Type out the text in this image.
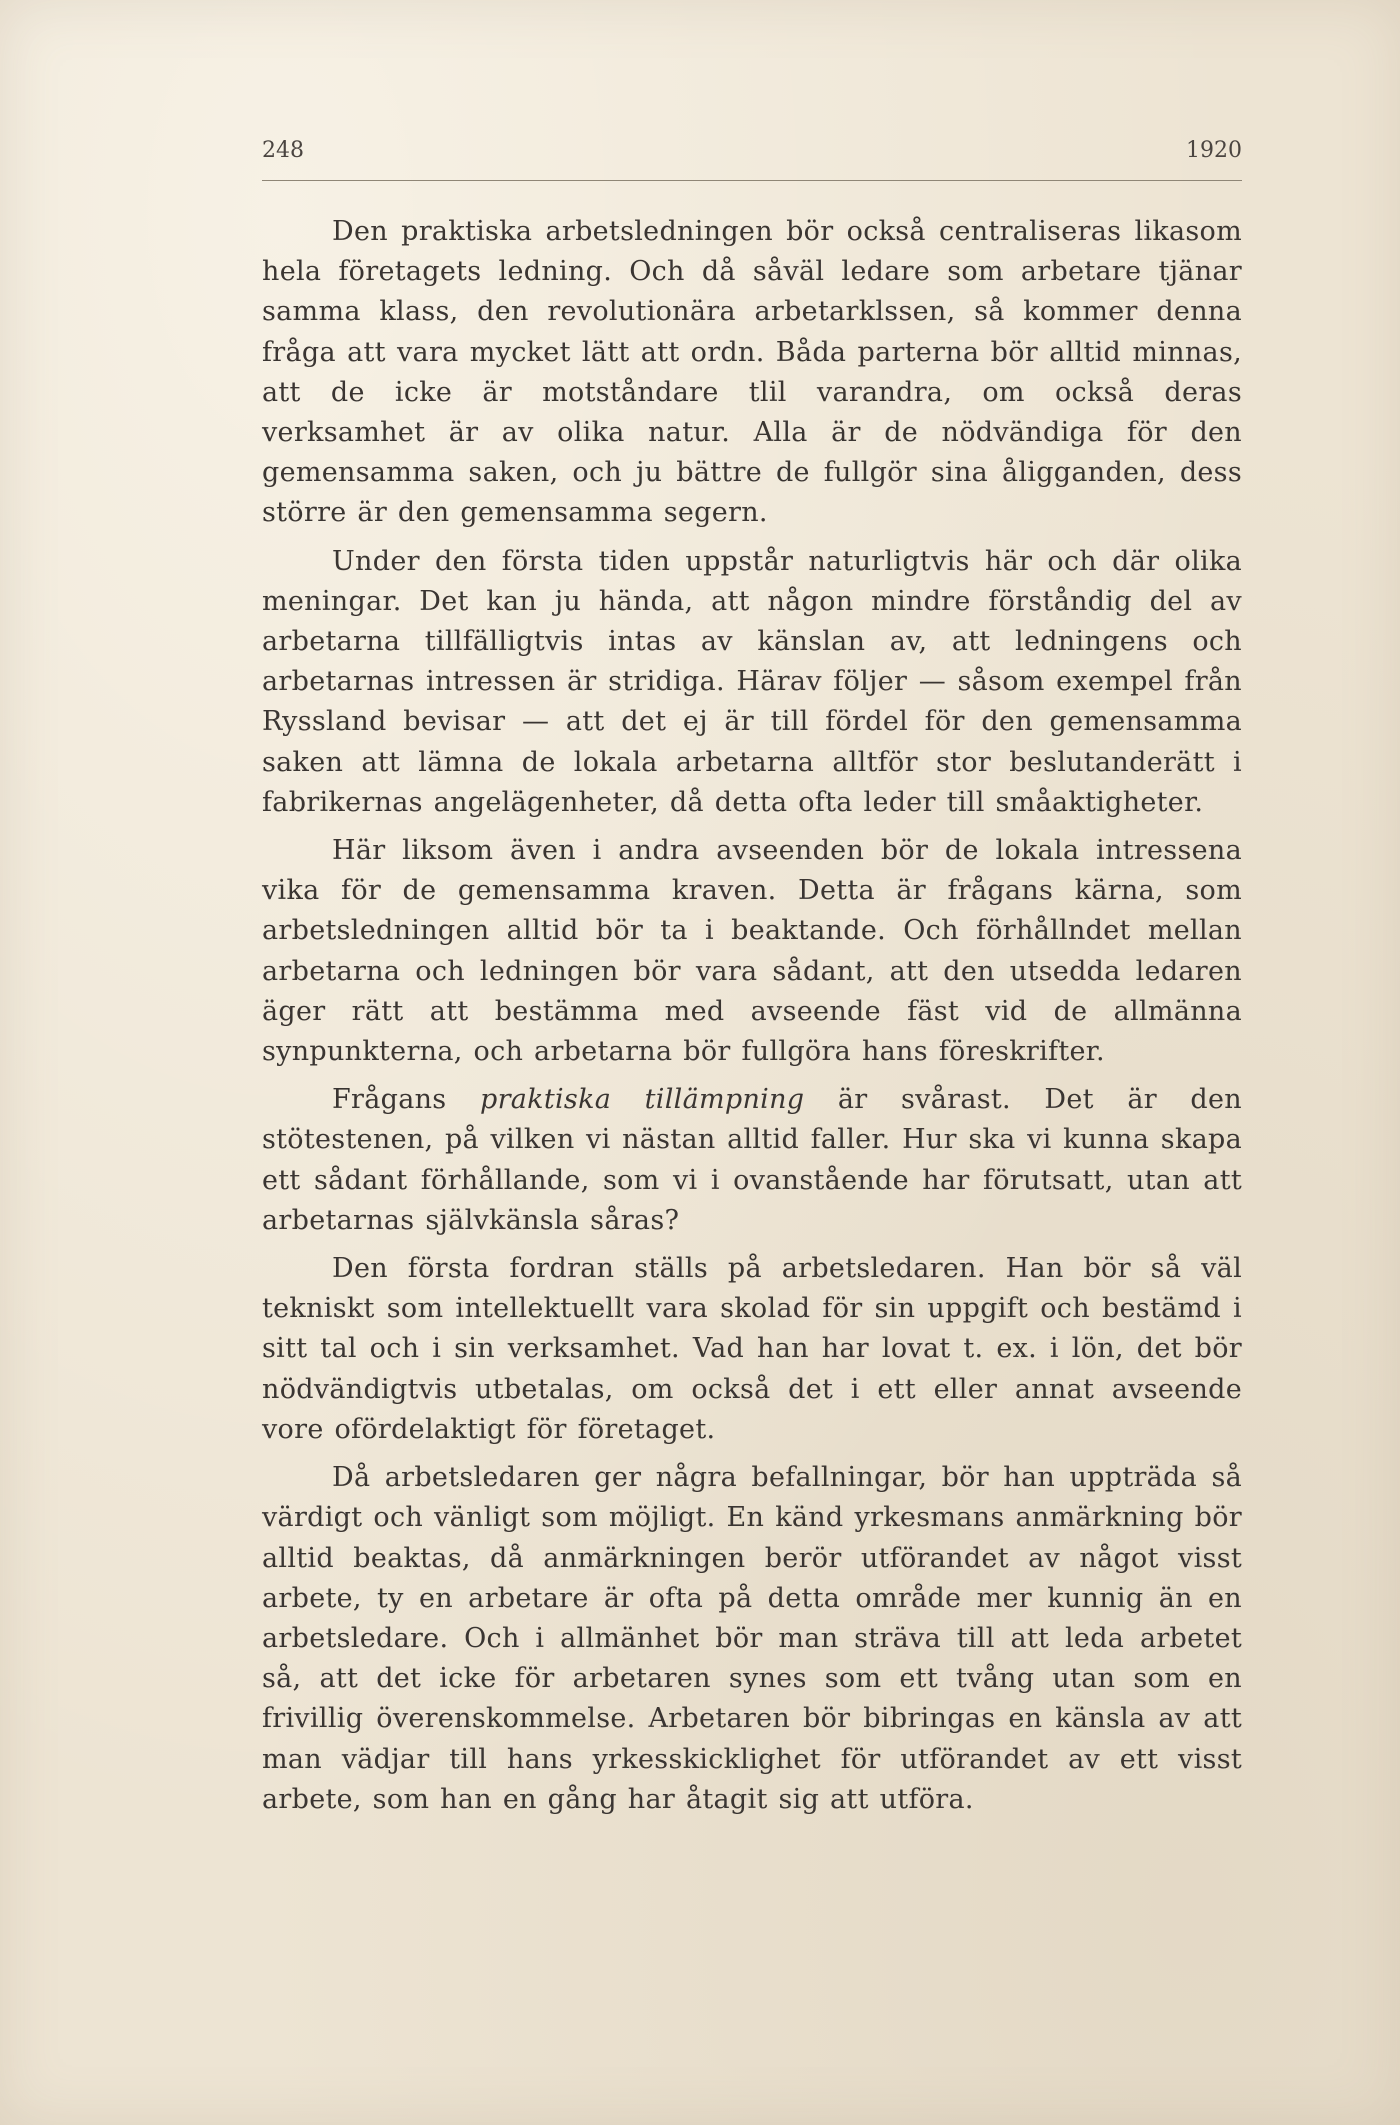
248	1920

Den praktiska arbetsledningen bör också centraliseras likasom hela företagets ledning. Och då såväl ledare som arbetare tjänar samma klass, den revolutionära arbetarklssen, så kommer denna fråga att vara mycket lätt att ordn. Båda parterna bör alltid minnas, att de icke är motståndare tlil varandra, om också deras verksamhet är av olika natur. Alla är de nödvändiga för den gemensamma saken, och ju bättre de fullgör sina åligganden, dess större är den gemensamma segern.

Under den första tiden uppstår naturligtvis här och där olika meningar. Det kan ju hända, att någon mindre förståndig del av arbetarna tillfälligtvis intas av känslan av, att ledningens och arbetarnas intressen är stridiga. Härav följer — såsom exempel från Ryssland bevisar — att det ej är till fördel för den gemensamma saken att lämna de lokala arbetarna alltför stor beslutanderätt i fabrikernas angelägenheter, då detta ofta leder till småaktigheter.

Här liksom även i andra avseenden bör de lokala intressena vika för de gemensamma kraven. Detta är frågans kärna, som arbetsledningen alltid bör ta i beaktande. Och förhållndet mellan arbetarna och ledningen bör vara sådant, att den utsedda ledaren äger rätt att bestämma med avseende fäst vid de allmänna synpunkterna, och arbetarna bör fullgöra hans föreskrifter.

Frågans praktiska tillämpning är svårast. Det är den stötestenen, på vilken vi nästan alltid faller. Hur ska vi kunna skapa ett sådant förhållande, som vi i ovanstående har förutsatt, utan att arbetarnas självkänsla såras?

Den första fordran ställs på arbetsledaren. Han bör så väl tekniskt som intellektuellt vara skolad för sin uppgift och bestämd i sitt tal och i sin verksamhet. Vad han har lovat t. ex. i lön, det bör nödvändigtvis utbetalas, om också det i ett eller annat avseende vore ofördelaktigt för företaget.

Då arbetsledaren ger några befallningar, bör han uppträda så värdigt och vänligt som möjligt. En känd yrkesmans anmärkning bör alltid beaktas, då anmärkningen berör utförandet av något visst arbete, ty en arbetare är ofta på detta område mer kunnig än en arbetsledare. Och i allmänhet bör man sträva till att leda arbetet så, att det icke för arbetaren synes som ett tvång utan som en frivillig överenskommelse. Arbetaren bör bibringas en känsla av att man vädjar till hans yrkesskicklighet för utförandet av ett visst arbete, som han en gång har åtagit sig att utföra.
